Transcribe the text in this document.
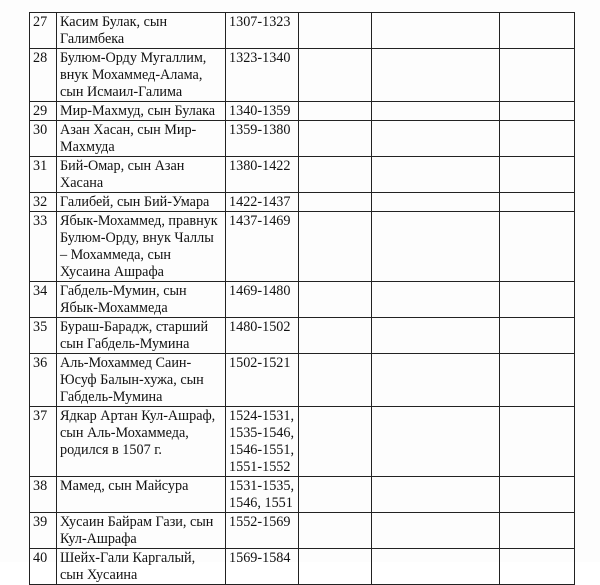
27	Касим Булак, сын
Галимбека	1307-1323			

28	Булюм-Орду Мугаллим,
внук Мохаммед-Алама,
сын Исмаил-Галима	1323-1340			

29	Мир-Махмуд, сын Булака	1340-1359			

30	Азан Хасан, сын Мир-
Махмуда	1359-1380			

31	Бий-Омар, сын Азан
Хасана	1380-1422			

32	Галибей, сын Бий-Умара	1422-1437			

33	Ябык-Мохаммед, правнук
Булюм-Орду, внук Чаллы
– Мохаммеда, сын
Хусаина Ашрафа	1437-1469			

34	Габдель-Мумин, сын
Ябык-Мохаммеда	1469-1480			

35	Бураш-Барадж, старший
сын Габдель-Мумина	1480-1502			

36	Аль-Мохаммед Саин-
Юсуф Балын-хужа, сын
Габдель-Мумина	1502-1521			

37	Ядкар Артан Кул-Ашраф,
сын Аль-Мохаммеда,
родился в 1507 г.	1524-1531,
1535-1546,
1546-1551,
1551-1552			

38	Мамед, сын Майсура	1531-1535,
1546, 1551			

39	Хусаин Байрам Гази, сын
Кул-Ашрафа	1552-1569			

40	Шейх-Гали Каргалый,
сын Хусаина	1569-1584			
